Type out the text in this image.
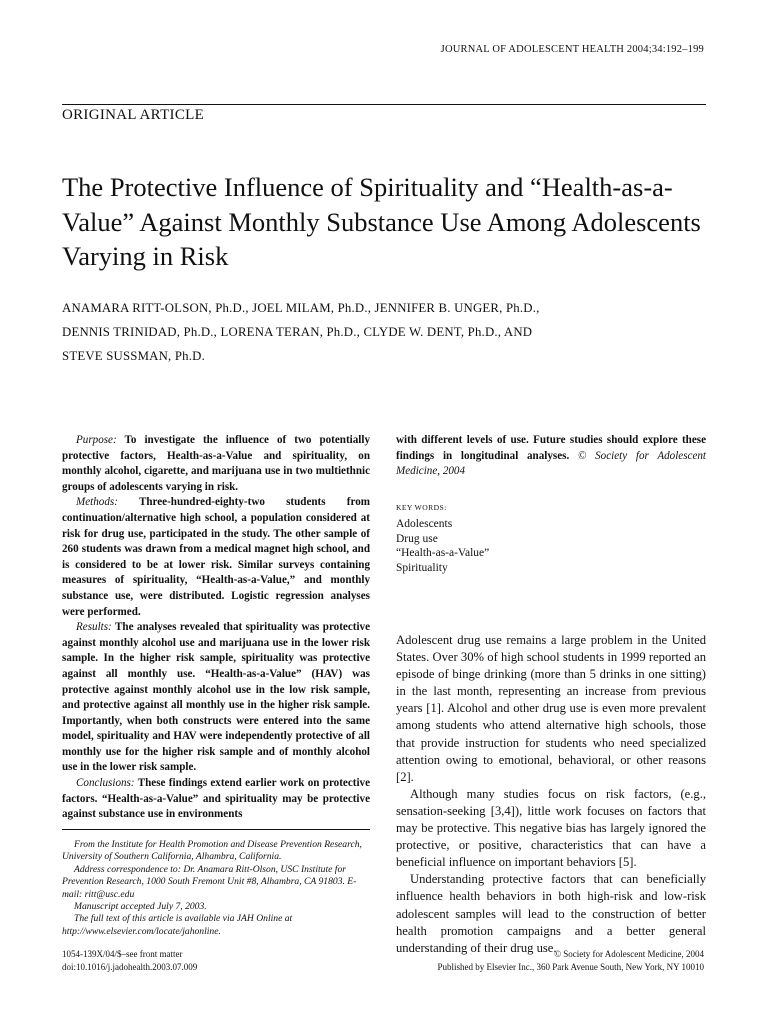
JOURNAL OF ADOLESCENT HEALTH 2004;34:192–199
ORIGINAL ARTICLE
The Protective Influence of Spirituality and “Health-as-a-Value” Against Monthly Substance Use Among Adolescents Varying in Risk
ANAMARA RITT-OLSON, Ph.D., JOEL MILAM, Ph.D., JENNIFER B. UNGER, Ph.D.,
DENNIS TRINIDAD, Ph.D., LORENA TERAN, Ph.D., CLYDE W. DENT, Ph.D., AND
STEVE SUSSMAN, Ph.D.

Purpose: To investigate the influence of two potentially protective factors, Health-as-a-Value and spirituality, on monthly alcohol, cigarette, and marijuana use in two multiethnic groups of adolescents varying in risk.

Methods: Three-hundred-eighty-two students from continuation/alternative high school, a population considered at risk for drug use, participated in the study. The other sample of 260 students was drawn from a medical magnet high school, and is considered to be at lower risk. Similar surveys containing measures of spirituality, “Health-as-a-Value,” and monthly substance use, were distributed. Logistic regression analyses were performed.

Results: The analyses revealed that spirituality was protective against monthly alcohol use and marijuana use in the lower risk sample. In the higher risk sample, spirituality was protective against all monthly use. “Health-as-a-Value” (HAV) was protective against monthly alcohol use in the low risk sample, and protective against all monthly use in the higher risk sample. Importantly, when both constructs were entered into the same model, spirituality and HAV were independently protective of all monthly use for the higher risk sample and of monthly alcohol use in the lower risk sample.

Conclusions: These findings extend earlier work on protective factors. “Health-as-a-Value” and spirituality may be protective against substance use in environments

with different levels of use. Future studies should explore these findings in longitudinal analyses. © Society for Adolescent Medicine, 2004
KEY WORDS:
Adolescents
Drug use
“Health-as-a-Value”
Spirituality

Adolescent drug use remains a large problem in the United States. Over 30% of high school students in 1999 reported an episode of binge drinking (more than 5 drinks in one sitting) in the last month, representing an increase from previous years [1]. Alcohol and other drug use is even more prevalent among students who attend alternative high schools, those that provide instruction for students who need specialized attention owing to emotional, behavioral, or other reasons [2].

Although many studies focus on risk factors, (e.g., sensation-seeking [3,4]), little work focuses on factors that may be protective. This negative bias has largely ignored the protective, or positive, characteristics that can have a beneficial influence on important behaviors [5].

Understanding protective factors that can beneficially influence health behaviors in both high-risk and low-risk adolescent samples will lead to the construction of better health promotion campaigns and a better general understanding of their drug use.

From the Institute for Health Promotion and Disease Prevention Research, University of Southern California, Alhambra, California.

Address correspondence to: Dr. Anamara Ritt-Olson, USC Institute for Prevention Research, 1000 South Fremont Unit #8, Alhambra, CA 91803. E-mail: ritt@usc.edu

Manuscript accepted July 7, 2003.

The full text of this article is available via JAH Online at http://www.elsevier.com/locate/jahonline.

1054-139X/04/$–see front matter
doi:10.1016/j.jadohealth.2003.07.009
© Society for Adolescent Medicine, 2004
Published by Elsevier Inc., 360 Park Avenue South, New York, NY 10010
